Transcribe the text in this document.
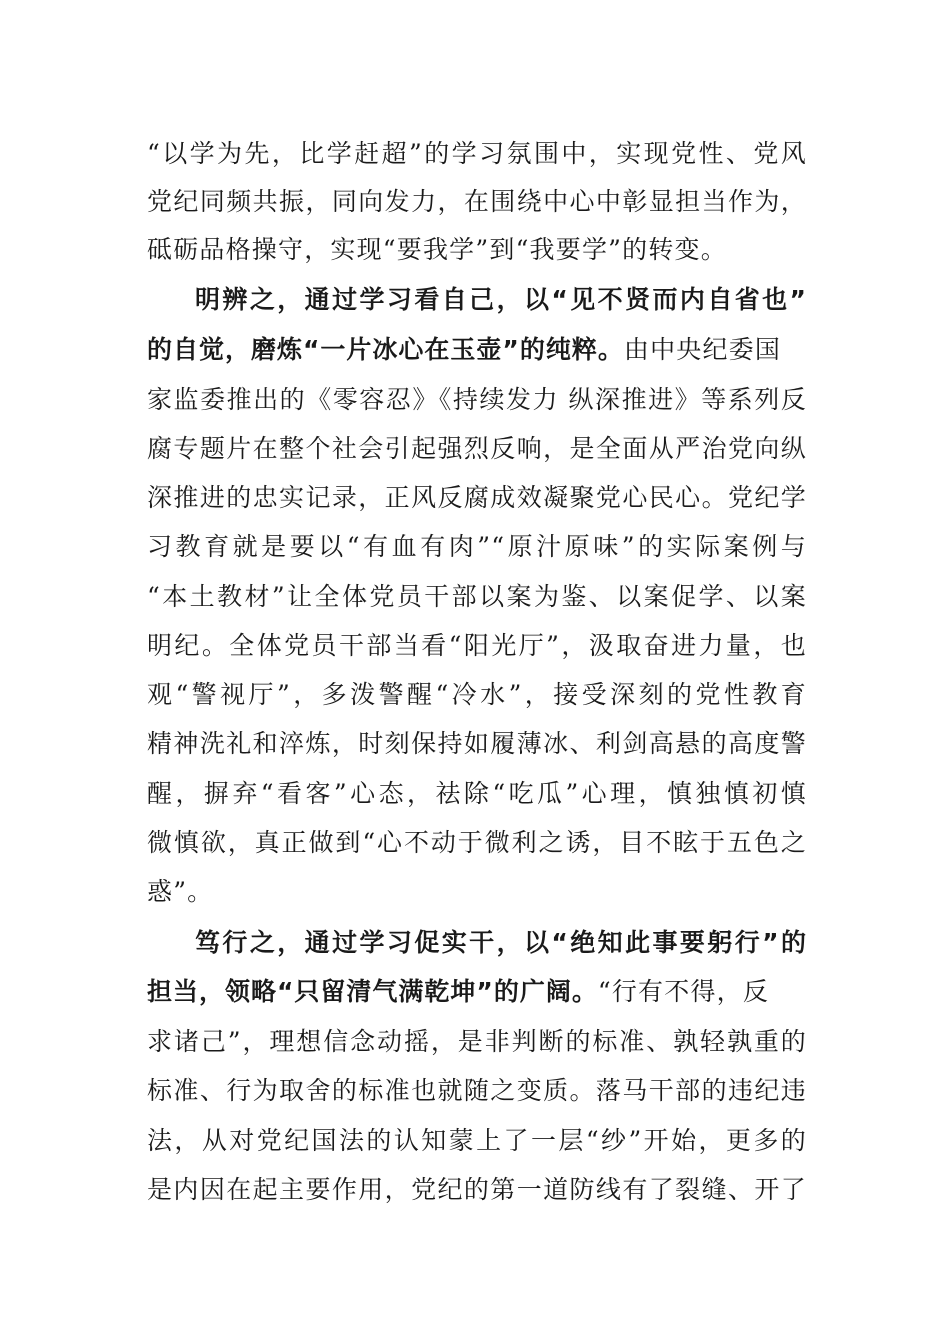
“以学为先，比学赶超”的学习氛围中，实现党性、党风
党纪同频共振，同向发力，在围绕中心中彰显担当作为，
砥砺品格操守，实现“要我学”到“我要学”的转变。
明辨之，通过学习看自己，以“见不贤而内自省也”
的自觉，磨炼“一片冰心在玉壶”的纯粹。由中央纪委国
家监委推出的《零容忍》《持续发力 纵深推进》等系列反
腐专题片在整个社会引起强烈反响，是全面从严治党向纵
深推进的忠实记录，正风反腐成效凝聚党心民心。党纪学
习教育就是要以“有血有肉”“原汁原味”的实际案例与
“本土教材”让全体党员干部以案为鉴、以案促学、以案
明纪。全体党员干部当看“阳光厅”，汲取奋进力量，也
观“警视厅”，多泼警醒“冷水”，接受深刻的党性教育
精神洗礼和淬炼，时刻保持如履薄冰、利剑高悬的高度警
醒，摒弃“看客”心态，祛除“吃瓜”心理，慎独慎初慎
微慎欲，真正做到“心不动于微利之诱，目不眩于五色之
惑”。
笃行之，通过学习促实干，以“绝知此事要躬行”的
担当，领略“只留清气满乾坤”的广阔。“行有不得，反
求诸己”，理想信念动摇，是非判断的标准、孰轻孰重的
标准、行为取舍的标准也就随之变质。落马干部的违纪违
法，从对党纪国法的认知蒙上了一层“纱”开始，更多的
是内因在起主要作用，党纪的第一道防线有了裂缝、开了
